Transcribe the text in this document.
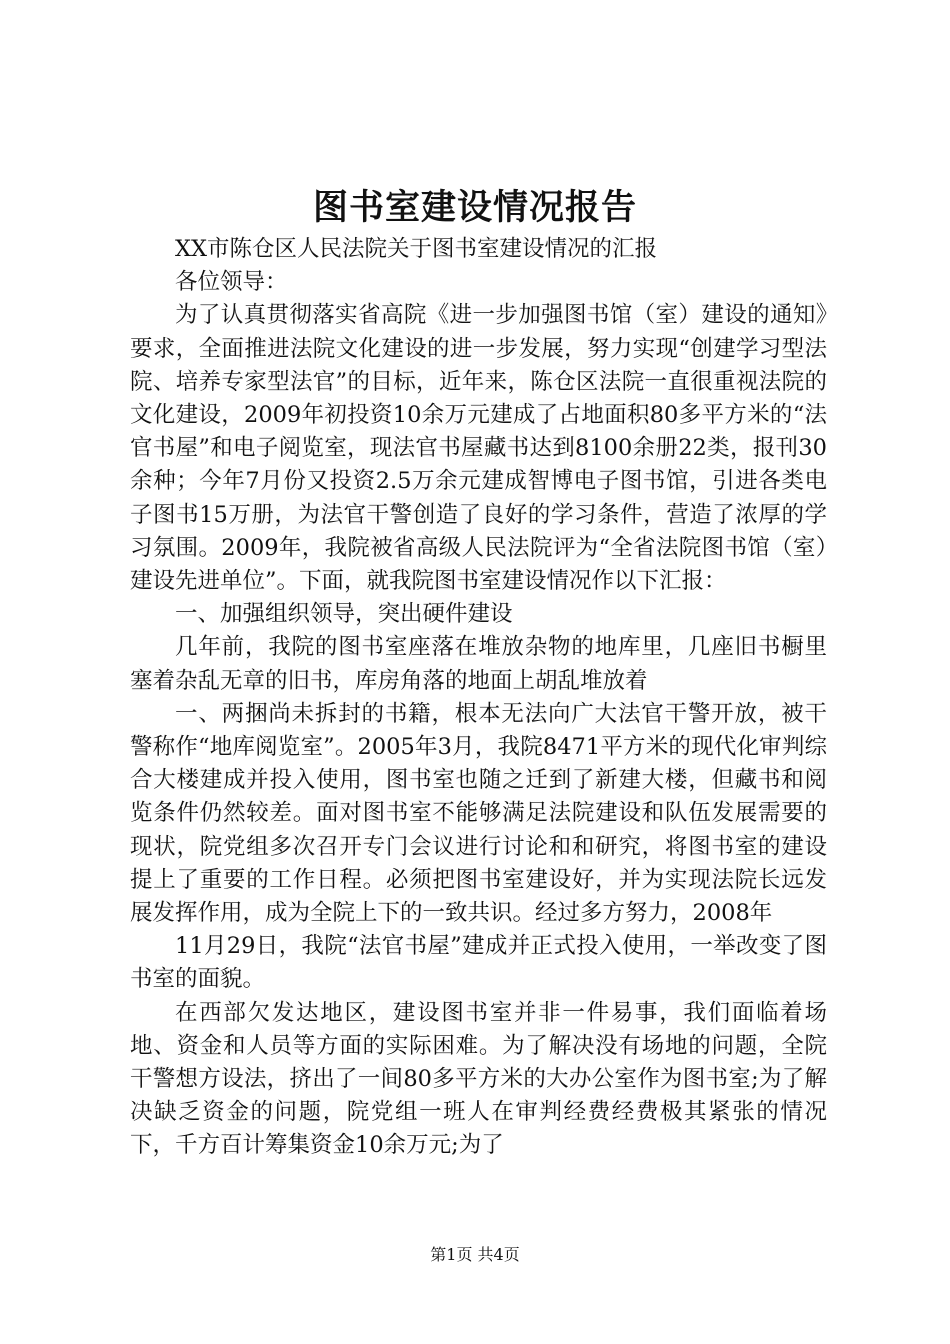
图书室建设情况报告

XX市陈仓区人民法院关于图书室建设情况的汇报

各位领导：

为了认真贯彻落实省高院《进一步加强图书馆（室）建设的通知》要求，全面推进法院文化建设的进一步发展，努力实现“创建学习型法院、培养专家型法官”的目标，近年来，陈仓区法院一直很重视法院的文化建设，2009年初投资10余万元建成了占地面积80多平方米的“法官书屋”和电子阅览室，现法官书屋藏书达到8100余册22类，报刊30余种；今年7月份又投资2.5万余元建成智博电子图书馆，引进各类电子图书15万册，为法官干警创造了良好的学习条件，营造了浓厚的学习氛围。2009年，我院被省高级人民法院评为“全省法院图书馆（室）建设先进单位”。下面，就我院图书室建设情况作以下汇报：

一、加强组织领导，突出硬件建设

几年前，我院的图书室座落在堆放杂物的地库里，几座旧书橱里塞着杂乱无章的旧书，库房角落的地面上胡乱堆放着

一、两捆尚未拆封的书籍，根本无法向广大法官干警开放，被干警称作“地库阅览室”。2005年3月，我院8471平方米的现代化审判综合大楼建成并投入使用，图书室也随之迁到了新建大楼，但藏书和阅览条件仍然较差。面对图书室不能够满足法院建设和队伍发展需要的现状，院党组多次召开专门会议进行讨论和和研究，将图书室的建设提上了重要的工作日程。必须把图书室建设好，并为实现法院长远发展发挥作用，成为全院上下的一致共识。经过多方努力，2008年

11月29日，我院“法官书屋”建成并正式投入使用，一举改变了图书室的面貌。

在西部欠发达地区，建设图书室并非一件易事，我们面临着场地、资金和人员等方面的实际困难。为了解决没有场地的问题，全院干警想方设法，挤出了一间80多平方米的大办公室作为图书室;为了解决缺乏资金的问题，院党组一班人在审判经费经费极其紧张的情况下，千方百计筹集资金10余万元;为了

第1页 共4页
